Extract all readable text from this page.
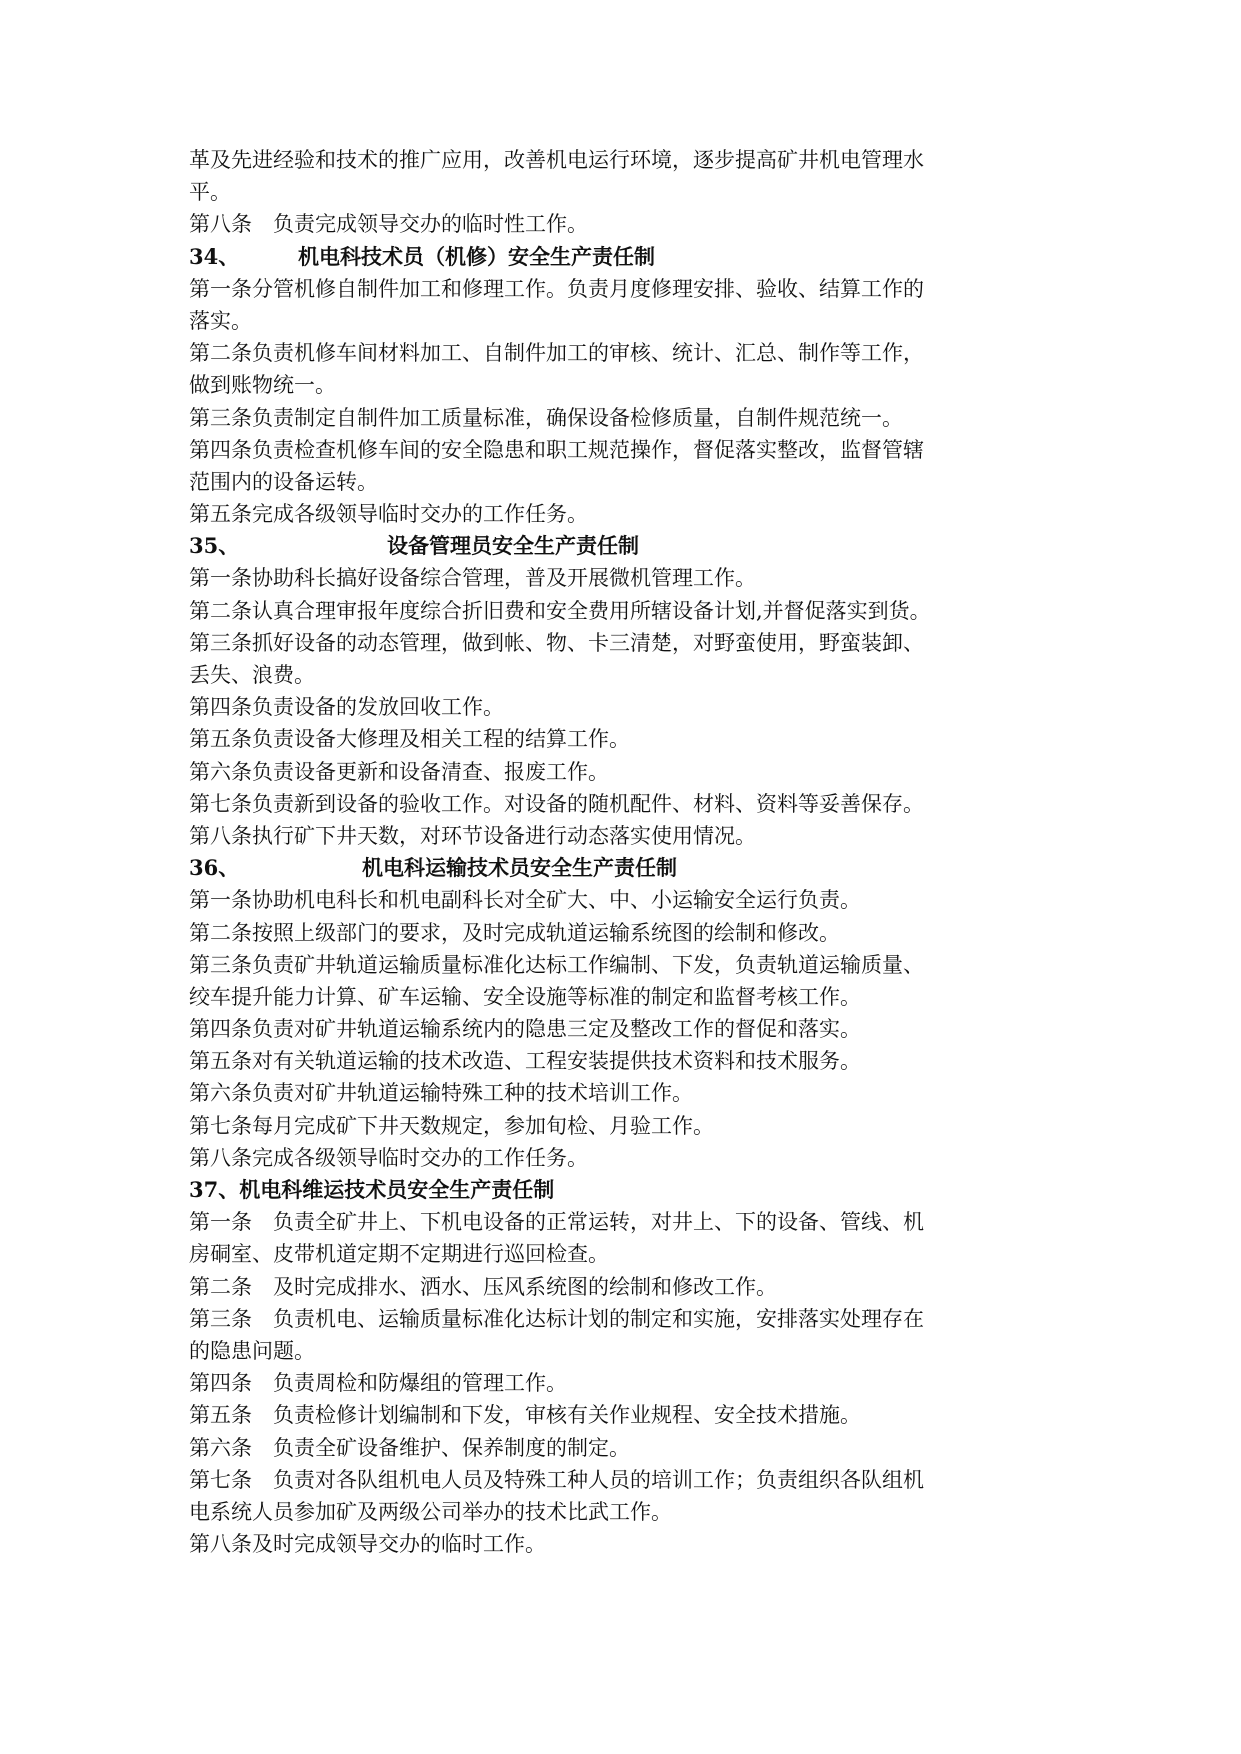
革及先进经验和技术的推广应用，改善机电运行环境，逐步提高矿井机电管理水
平。
第八条　负责完成领导交办的临时性工作。
34、	机电科技术员（机修）安全生产责任制
第一条分管机修自制件加工和修理工作。负责月度修理安排、验收、结算工作的
落实。
第二条负责机修车间材料加工、自制件加工的审核、统计、汇总、制作等工作，
做到账物统一。
第三条负责制定自制件加工质量标准，确保设备检修质量，自制件规范统一。
第四条负责检查机修车间的安全隐患和职工规范操作，督促落实整改，监督管辖
范围内的设备运转。
第五条完成各级领导临时交办的工作任务。
35、	设备管理员安全生产责任制
第一条协助科长搞好设备综合管理，普及开展微机管理工作。
第二条认真合理审报年度综合折旧费和安全费用所辖设备计划,并督促落实到货。
第三条抓好设备的动态管理，做到帐、物、卡三清楚，对野蛮使用，野蛮装卸、
丢失、浪费。
第四条负责设备的发放回收工作。
第五条负责设备大修理及相关工程的结算工作。
第六条负责设备更新和设备清查、报废工作。
第七条负责新到设备的验收工作。对设备的随机配件、材料、资料等妥善保存。
第八条执行矿下井天数，对环节设备进行动态落实使用情况。
36、	机电科运输技术员安全生产责任制
第一条协助机电科长和机电副科长对全矿大、中、小运输安全运行负责。
第二条按照上级部门的要求，及时完成轨道运输系统图的绘制和修改。
第三条负责矿井轨道运输质量标准化达标工作编制、下发，负责轨道运输质量、
绞车提升能力计算、矿车运输、安全设施等标准的制定和监督考核工作。
第四条负责对矿井轨道运输系统内的隐患三定及整改工作的督促和落实。
第五条对有关轨道运输的技术改造、工程安装提供技术资料和技术服务。
第六条负责对矿井轨道运输特殊工种的技术培训工作。
第七条每月完成矿下井天数规定，参加旬检、月验工作。
第八条完成各级领导临时交办的工作任务。
37、机电科维运技术员安全生产责任制
第一条　负责全矿井上、下机电设备的正常运转，对井上、下的设备、管线、机
房硐室、皮带机道定期不定期进行巡回检查。
第二条　及时完成排水、洒水、压风系统图的绘制和修改工作。
第三条　负责机电、运输质量标准化达标计划的制定和实施，安排落实处理存在
的隐患问题。
第四条　负责周检和防爆组的管理工作。
第五条　负责检修计划编制和下发，审核有关作业规程、安全技术措施。
第六条　负责全矿设备维护、保养制度的制定。
第七条　负责对各队组机电人员及特殊工种人员的培训工作；负责组织各队组机
电系统人员参加矿及两级公司举办的技术比武工作。
第八条及时完成领导交办的临时工作。
